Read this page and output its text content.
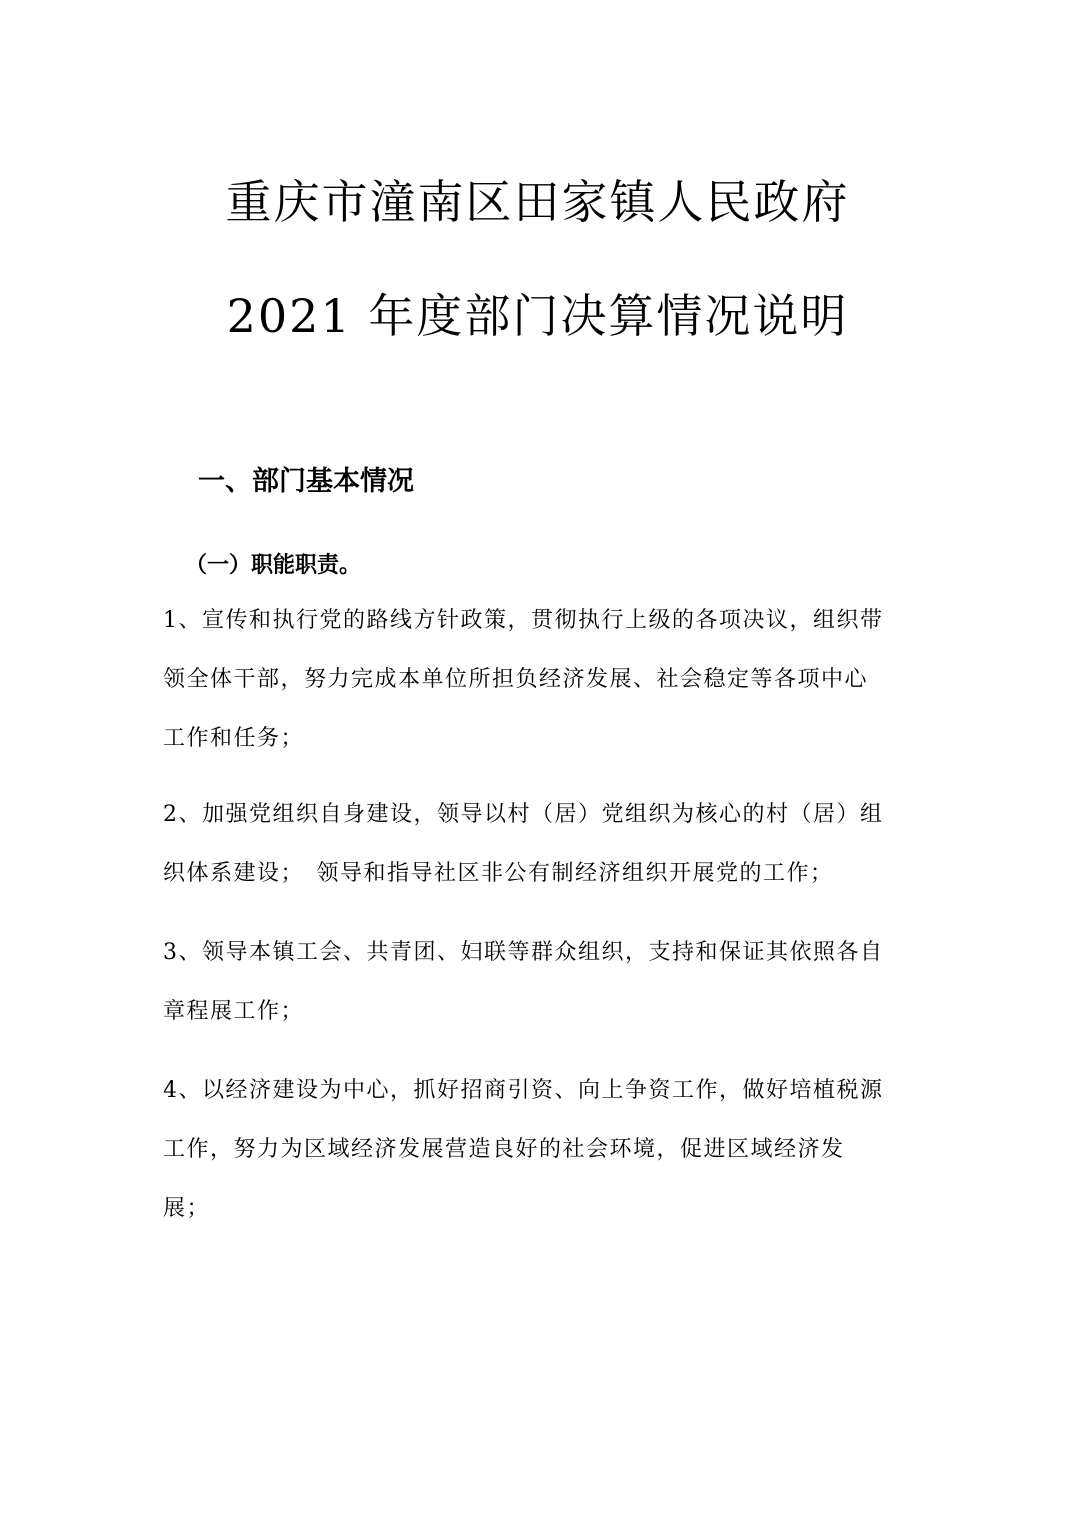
重庆市潼南区田家镇人民政府
2021 年度部门决算情况说明
一、部门基本情况
（一）职能职责。
1、宣传和执行党的路线方针政策，贯彻执行上级的各项决议，组织带
领全体干部，努力完成本单位所担负经济发展、社会稳定等各项中心
工作和任务；
2、加强党组织自身建设，领导以村（居）党组织为核心的村（居）组
织体系建设；　领导和指导社区非公有制经济组织开展党的工作；
3、领导本镇工会、共青团、妇联等群众组织，支持和保证其依照各自
章程展工作；
4、以经济建设为中心，抓好招商引资、向上争资工作，做好培植税源
工作，努力为区域经济发展营造良好的社会环境，促进区域经济发
展；
